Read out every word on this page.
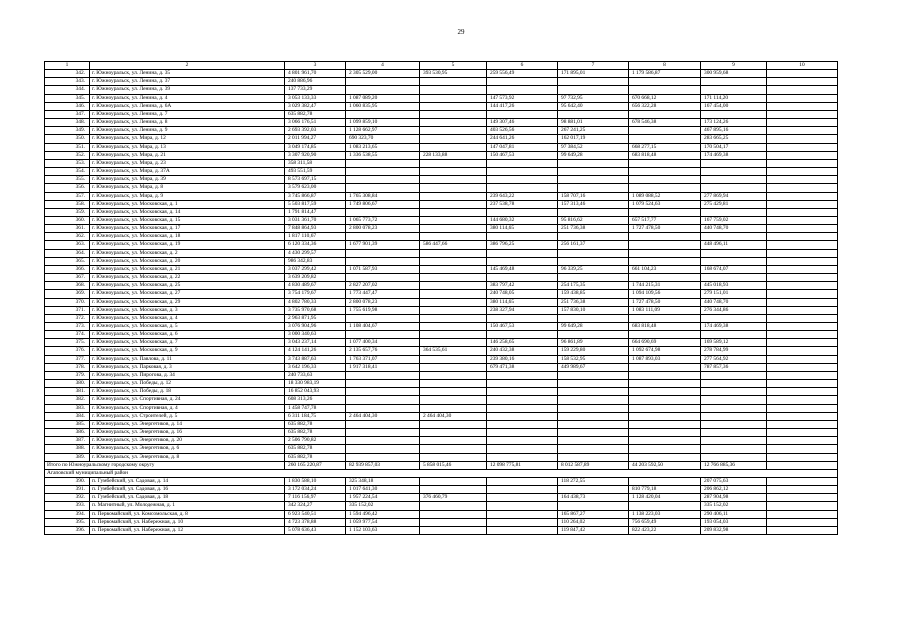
29
1	2	3	4	5	6	7	8	9	10
342.	г. Южноуральск, ул. Ленина, д. 35	4 801 961,70	2 305 529,00	393 530,95	259 556,49	171 895,01	1 179 586,87	300 959,68	
343.	г. Южноуральск, ул. Ленина, д. 37	240 886,96							
344.	г. Южноуральск, ул. Ленина, д. 39	137 733,29							
345.	г. Южноуральск, ул. Ленина, д. 4	3 053 133,33	1 087 089,20		147 573,92	97 732,95	670 668,12	171 114,20	
346.	г. Южноуральск, ул. Ленина, д. 6А	3 029 382,47	1 060 835,95		144 417,26	95 642,40	656 322,28	167 454,00	
347.	г. Южноуральск, ул. Ленина, д. 7	635 882,78							
348.	г. Южноуральск, ул. Ленина, д. 8	3 066 176,51	1 099 859,10		149 307,46	98 881,01	678 546,38	173 124,26	
349.	г. Южноуральск, ул. Ленина, д. 9	2 693 392,03	1 128 662,97		403 526,56	267 241,25		467 895,16	
350.	г. Южноуральск, ул. Мира, д. 12	2 011 994,27	690 323,70		244 641,26	162 017,19		283 665,25	
351.	г. Южноуральск, ул. Мира, д. 13	3 049 174,85	1 083 213,65		147 047,81	97 384,52	668 277,15	170 504,17	
352.	г. Южноуральск, ул. Мира, д. 21	3 307 920,90	1 336 538,55	228 133,88	150 467,53	99 649,28	683 818,48	174 469,38	
353.	г. Южноуральск, ул. Мира, д. 23	358 311,58							
354.	г. Южноуральск, ул. Мира, д. 37А	493 551,59							
355.	г. Южноуральск, ул. Мира, д. 39	8 573 697,15							
356.	г. Южноуральск, ул. Мира, д. 8	3 579 623,00							
357.	г. Южноуральск, ул. Мира, д. 9	3 745 866,87	1 765 308,84		239 643,22	158 707,16	1 089 088,52	277 869,94	
358.	г. Южноуральск, ул. Московская, д. 1	5 503 817,59	1 749 806,67		237 538,78	157 313,46	1 079 524,63	275 429,81	
359.	г. Южноуральск, ул. Московская, д. 14	1 791 814,47							
360.	г. Южноуральск, ул. Московская, д. 15	3 031 361,70	1 065 773,72		144 680,32	95 816,62	657 517,77	167 759,02	
361.	г. Южноуральск, ул. Московская, д. 17	7 848 864,93	2 800 078,23		380 114,65	251 736,38	1 727 478,50	440 748,70	
362.	г. Южноуральск, ул. Московская, д. 18	1 817 110,67							
363.	г. Южноуральск, ул. Московская, д. 19	6 120 334,36	1 677 901,39	586 447,66	386 796,25	256 161,37		448 496,11	
364.	г. Южноуральск, ул. Московская, д. 2	4 430 299,57							
365.	г. Южноуральск, ул. Московская, д. 20	986 342,83							
366.	г. Южноуральск, ул. Московская, д. 21	3 037 299,42	1 071 587,93		145 469,48	96 339,25	661 104,23	168 674,07	
367.	г. Южноуральск, ул. Московская, д. 22	3 639 209,82							
368.	г. Южноуральск, ул. Московская, д. 25	4 830 489,67	2 827 207,02		383 797,42	254 175,35	1 744 215,31	445 018,93	
369.	г. Южноуральск, ул. Московская, д. 27	3 754 179,67	1 773 447,47		240 748,05	159 438,85	1 094 109,56	279 151,01	
370.	г. Южноуральск, ул. Московская, д. 29	4 802 780,33	2 800 078,23		380 114,65	251 736,38	1 727 478,50	440 748,70	
371.	г. Южноуральск, ул. Московская, д. 3	3 735 970,68	1 755 619,98		238 327,94	157 830,10	1 083 111,09	276 344,86	
372.	г. Южноуральск, ул. Московская, д. 4	2 963 871,95							
373.	г. Южноуральск, ул. Московская, д. 5	3 076 904,96	1 108 404,67		150 467,53	99 649,28	683 818,48	174 469,38	
374.	г. Южноуральск, ул. Московская, д. 6	3 000 340,63							
375.	г. Южноуральск, ул. Московская, д. 7	3 043 237,14	1 077 400,34		146 258,65	96 861,89	664 690,69	169 589,12	
376.	г. Южноуральск, ул. Московская, д. 9	4 124 141,26	2 135 657,76	364 535,61	240 432,38	159 229,80	1 092 674,98	278 784,99	
377.	г. Южноуральск, ул. Павлова, д. 11	3 743 887,63	1 763 371,07		239 380,16	158 532,95	1 087 893,03	277 564,92	
378.	г. Южноуральск, ул. Парковая, д. 3	3 642 196,33	1 917 318,41		679 471,38	449 989,67		787 857,36	
379.	г. Южноуральск, ул. Пирогова, д. 34	240 733,63							
380.	г. Южноуральск, ул. Победы, д. 12	18 330 983,19							
381.	г. Южноуральск, ул. Победы, д. 18	16 852 043,93							
382.	г. Южноуральск, ул. Спортивная, д. 24	608 313,26							
383.	г. Южноуральск, ул. Спортивная, д. 4	1 458 747,78							
384.	г. Южноуральск, ул. Строителей, д. 5	6 311 184,75	2 464 404,30	2 464 404,30					
385.	г. Южноуральск, ул. Энергетиков, д. 14	635 882,78							
386.	г. Южноуральск, ул. Энергетиков, д. 16	635 882,78							
387.	г. Южноуральск, ул. Энергетиков, д. 20	2 506 790,82							
388.	г. Южноуральск, ул. Энергетиков, д. 6	635 882,78							
389.	г. Южноуральск, ул. Энергетиков, д. 8	635 882,78							
Итого по Южноуральскому городскому округу		260 165 220,87	82 939 857,03	5 858 015,46	12 098 775,81	8 012 587,89	44 203 592,50	12 766 885,36	
Агаповский муниципальный район									
390.	п. Гумбейский, ул. Садовая, д. 14	1 830 588,10	325 348,18			118 272,55		207 075,63	
391.	п. Гумбейский, ул. Садовая, д. 16	3 172 034,24	1 017 641,30				810 779,18	206 862,12	
392.	п. Гумбейский, ул. Садовая, д. 18	7 116 156,97	1 957 224,54	376 460,79		164 438,73	1 128 420,04	287 904,98	
393.	п. Магнитный, ул. Молодежная, д. 1	342 324,27	335 152,02					335 152,02	
394.	п. Первомайский, ул. Комсомольская, д. 8	6 923 540,51	1 594 496,42			165 867,27	1 138 223,03	290 406,11	
395.	п. Первомайский, ул. Набережная, д. 10	4 723 378,88	1 059 977,54			110 264,02	756 659,49	193 054,03	
396.	п. Первомайский, ул. Набережная, д. 12	5 078 636,43	1 152 103,63			119 847,42	822 423,22	209 832,98	
